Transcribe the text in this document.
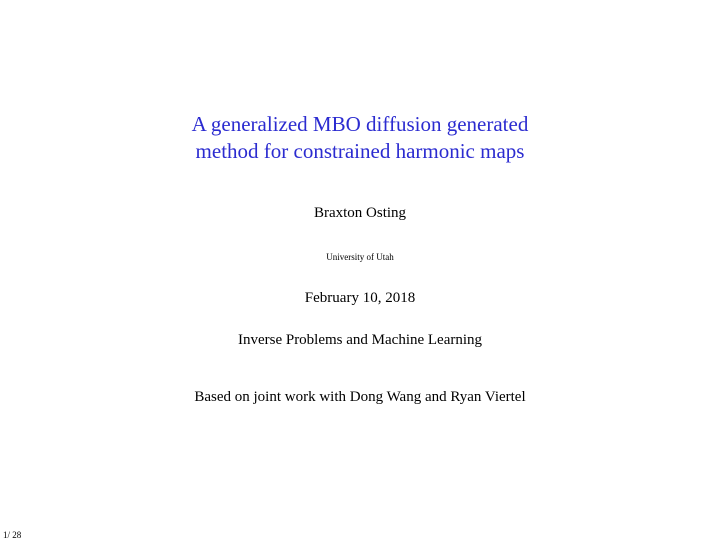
A generalized MBO diffusion generated
method for constrained harmonic maps
Braxton Osting
University of Utah
February 10, 2018
Inverse Problems and Machine Learning
Based on joint work with Dong Wang and Ryan Viertel
1/ 28
